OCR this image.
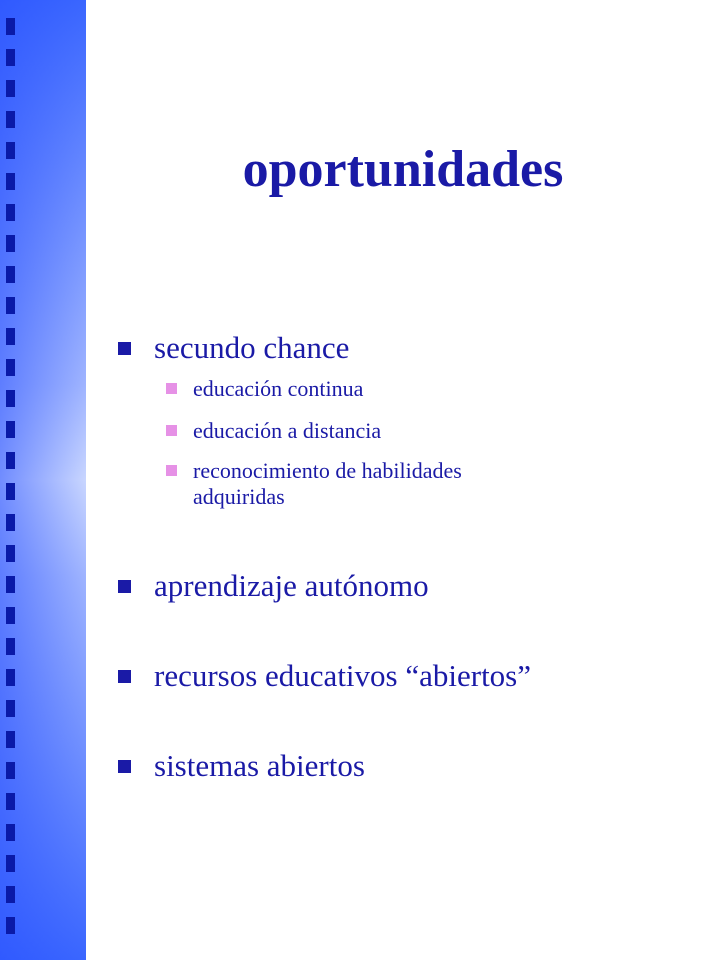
oportunidades
secundo chance
educación continua
educación a distancia
reconocimiento de habilidades
adquiridas
aprendizaje autónomo
recursos educativos “abiertos”
sistemas abiertos
